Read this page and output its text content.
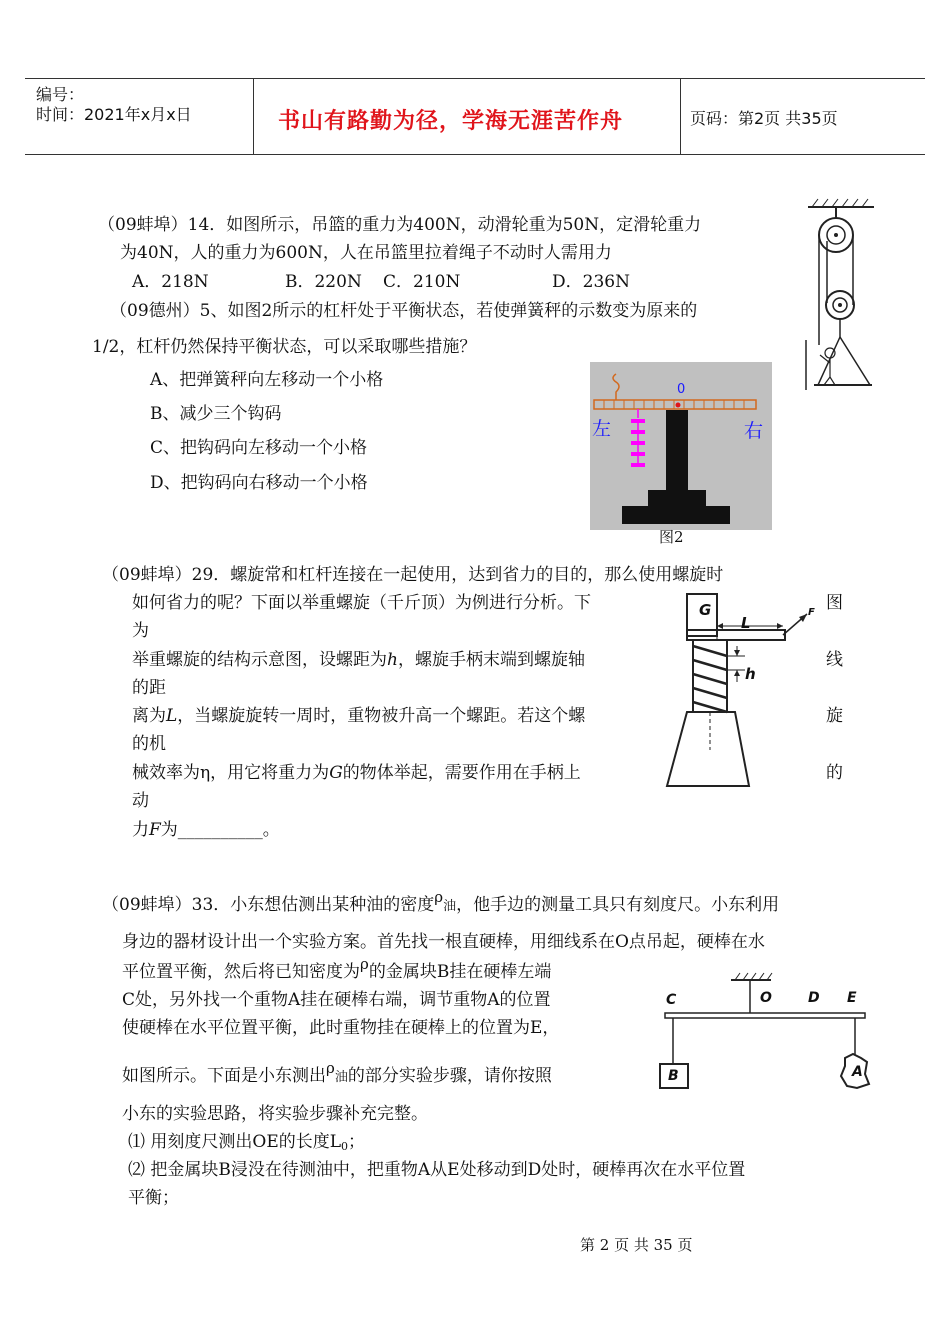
编号：
时间：2021年x月x日	书山有路勤为径，学海无涯苦作舟	页码：第2页 共35页
（09蚌埠）14．如图所示，吊篮的重力为400N，动滑轮重为50N，定滑轮重力
为40N，人的重力为600N，人在吊篮里拉着绳子不动时人需用力
A．218N	B．220N C．210N	D．236N
（09德州）5、如图2所示的杠杆处于平衡状态，若使弹簧秤的示数变为原来的
1/2，杠杆仍然保持平衡状态，可以采取哪些措施？
A、把弹簧秤向左移动一个小格
B、减少三个钩码
C、把钩码向左移动一个小格
D、把钩码向右移动一个小格
0
左	右
图2
（09蚌埠）29．螺旋常和杠杆连接在一起使用，达到省力的目的，那么使用螺旋时
如何省力的呢？下面以举重螺旋（千斤顶）为例进行分析。下	图
为
举重螺旋的结构示意图，设螺距为h，螺旋手柄末端到螺旋轴	线
的距
离为L，当螺旋旋转一周时，重物被升高一个螺距。若这个螺	旋
的机
械效率为η，用它将重力为G的物体举起，需要作用在手柄上	的
动
力F为__________。
G
L
F
h
（09蚌埠）33．小东想估测出某种油的密度ρ油，他手边的测量工具只有刻度尺。小东利用
身边的器材设计出一个实验方案。首先找一根直硬棒，用细线系在O点吊起，硬棒在水
平位置平衡，然后将已知密度为ρ的金属块B挂在硬棒左端
C处，另外找一个重物A挂在硬棒右端，调节重物A的位置
使硬棒在水平位置平衡，此时重物挂在硬棒上的位置为E，
如图所示。下面是小东测出ρ油的部分实验步骤，请你按照
小东的实验思路，将实验步骤补充完整。
⑴ 用刻度尺测出OE的长度L0；
⑵ 把金属块B浸没在待测油中，把重物A从E处移动到D处时，硬棒再次在水平位置
平衡；
C	O	D E
B	A
第 2 页 共 35 页
